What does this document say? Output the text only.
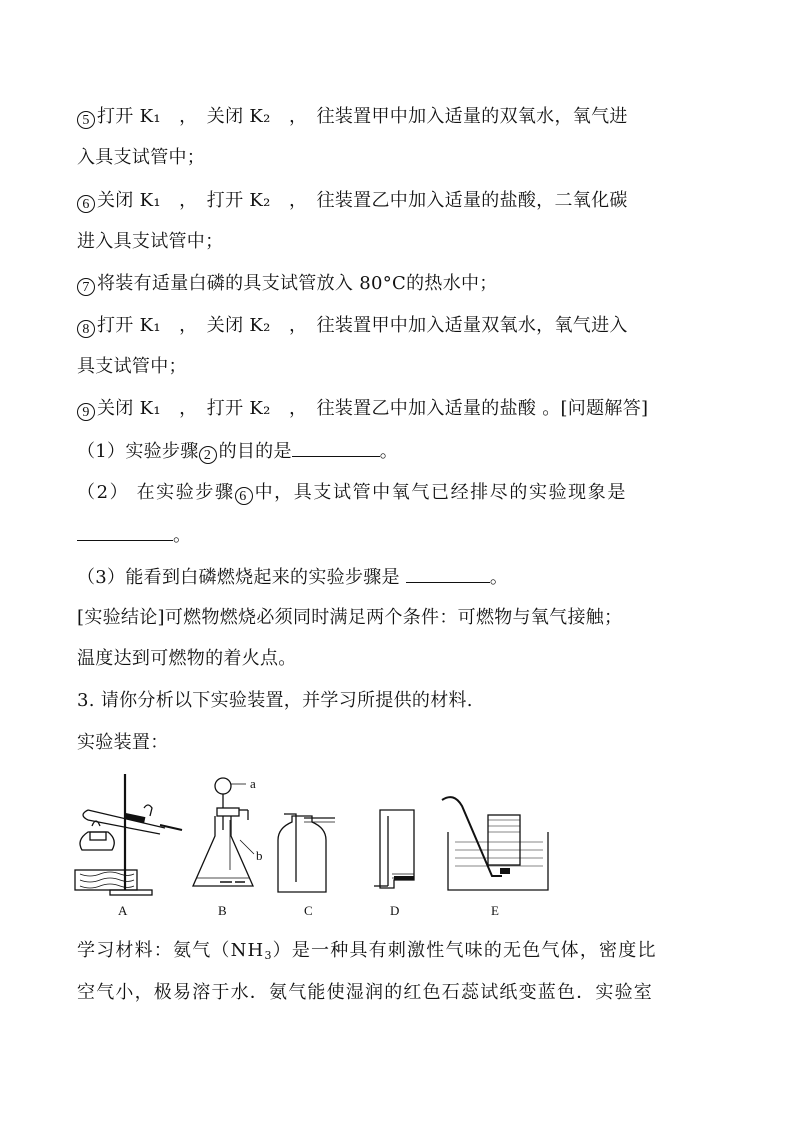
5 打开 K₁　，　关闭 K₂　，　往装置甲中加入适量的双氧水，氧气进
入具支试管中；
6 关闭 K₁　，　打开 K₂　，　往装置乙中加入适量的盐酸，二氧化碳
进入具支试管中；
7 将装有适量白磷的具支试管放入 80°C的热水中；
8 打开 K₁　，　关闭 K₂　，　往装置甲中加入适量双氧水，氧气进入
具支试管中；
9 关闭 K₁　，　打开 K₂　，　往装置乙中加入适量的盐酸 。[问题解答]
（1）实验步骤 2 的目的是	。
（2） 在实验步骤 6 中，具支试管中氧气已经排尽的实验现象是
。
（3）能看到白磷燃烧起来的实验步骤是	。
[实验结论]可燃物燃烧必须同时满足两个条件：可燃物与氧气接触；
温度达到可燃物的着火点。
3. 请你分析以下实验装置，并学习所提供的材料.
实验装置：
a
b
A	B	C	D	E
学习材料：氨气$(NH_3)$是一种具有刺激性气味的无色气体，密度比
空气小，极易溶于水．氨气能使湿润的红色石蕊试纸变蓝色．实验室
